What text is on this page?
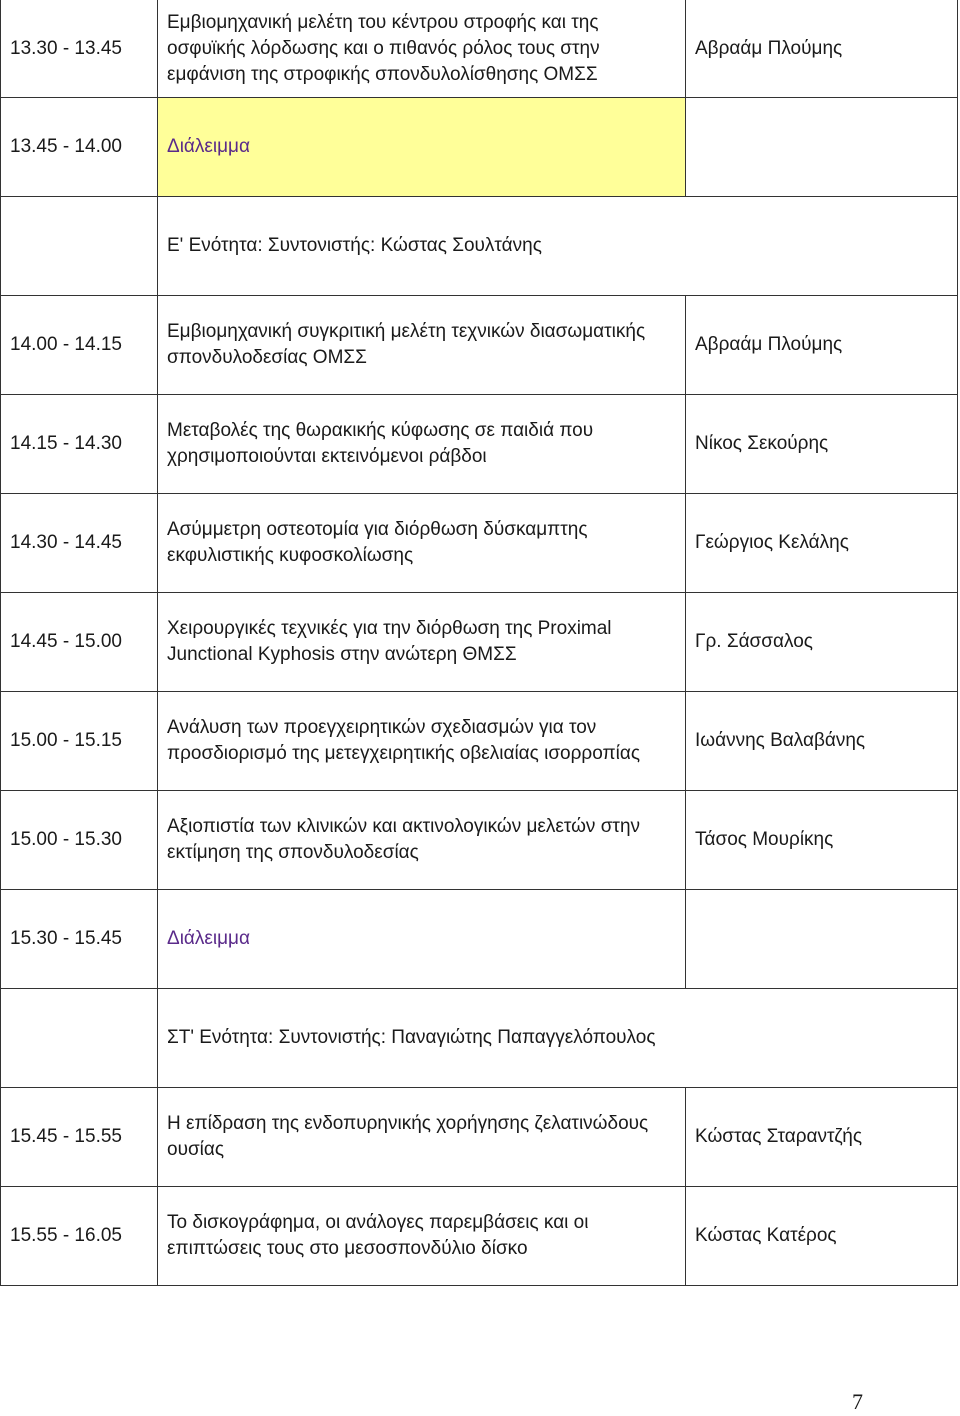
13.30 - 13.45	Εμβιομηχανική μελέτη του κέντρου στροφής και της οσφυϊκής λόρδωσης και ο πιθανός ρόλος τους στην εμφάνιση της στροφικής σπονδυλολίσθησης ΟΜΣΣ	Αβραάμ Πλούμης
13.45 - 14.00	Διάλειμμα	
	Ε' Ενότητα: Συντονιστής: Κώστας Σουλτάνης	
14.00 - 14.15	Εμβιομηχανική συγκριτική μελέτη τεχνικών διασωματικής σπονδυλοδεσίας ΟΜΣΣ	Αβραάμ Πλούμης
14.15 - 14.30	Μεταβολές της θωρακικής κύφωσης σε παιδιά που χρησιμοποιούνται εκτεινόμενοι ράβδοι	Νίκος Σεκούρης
14.30 - 14.45	Ασύμμετρη οστεοτομία για διόρθωση δύσκαμπτης εκφυλιστικής κυφοσκολίωσης	Γεώργιος Κελάλης
14.45 - 15.00	Χειρουργικές τεχνικές για την διόρθωση της Proximal Junctional Kyphosis στην ανώτερη ΘΜΣΣ	Γρ. Σάσσαλος
15.00 - 15.15	Ανάλυση των προεγχειρητικών σχεδιασμών για τον προσδιορισμό της μετεγχειρητικής οβελιαίας ισορροπίας	Ιωάννης Βαλαβάνης
15.00 - 15.30	Αξιοπιστία των κλινικών και ακτινολογικών μελετών στην εκτίμηση της σπονδυλοδεσίας	Τάσος Μουρίκης
15.30 - 15.45	Διάλειμμα	
	ΣΤ' Ενότητα: Συντονιστής: Παναγιώτης Παπαγγελόπουλος	
15.45 - 15.55	Η επίδραση της ενδοπυρηνικής χορήγησης ζελατινώδους ουσίας	Κώστας Σταραντζής
15.55 - 16.05	Το δισκογράφημα, οι ανάλογες παρεμβάσεις και οι επιπτώσεις τους στο μεσοσπονδύλιο δίσκο	Κώστας Κατέρος
7
